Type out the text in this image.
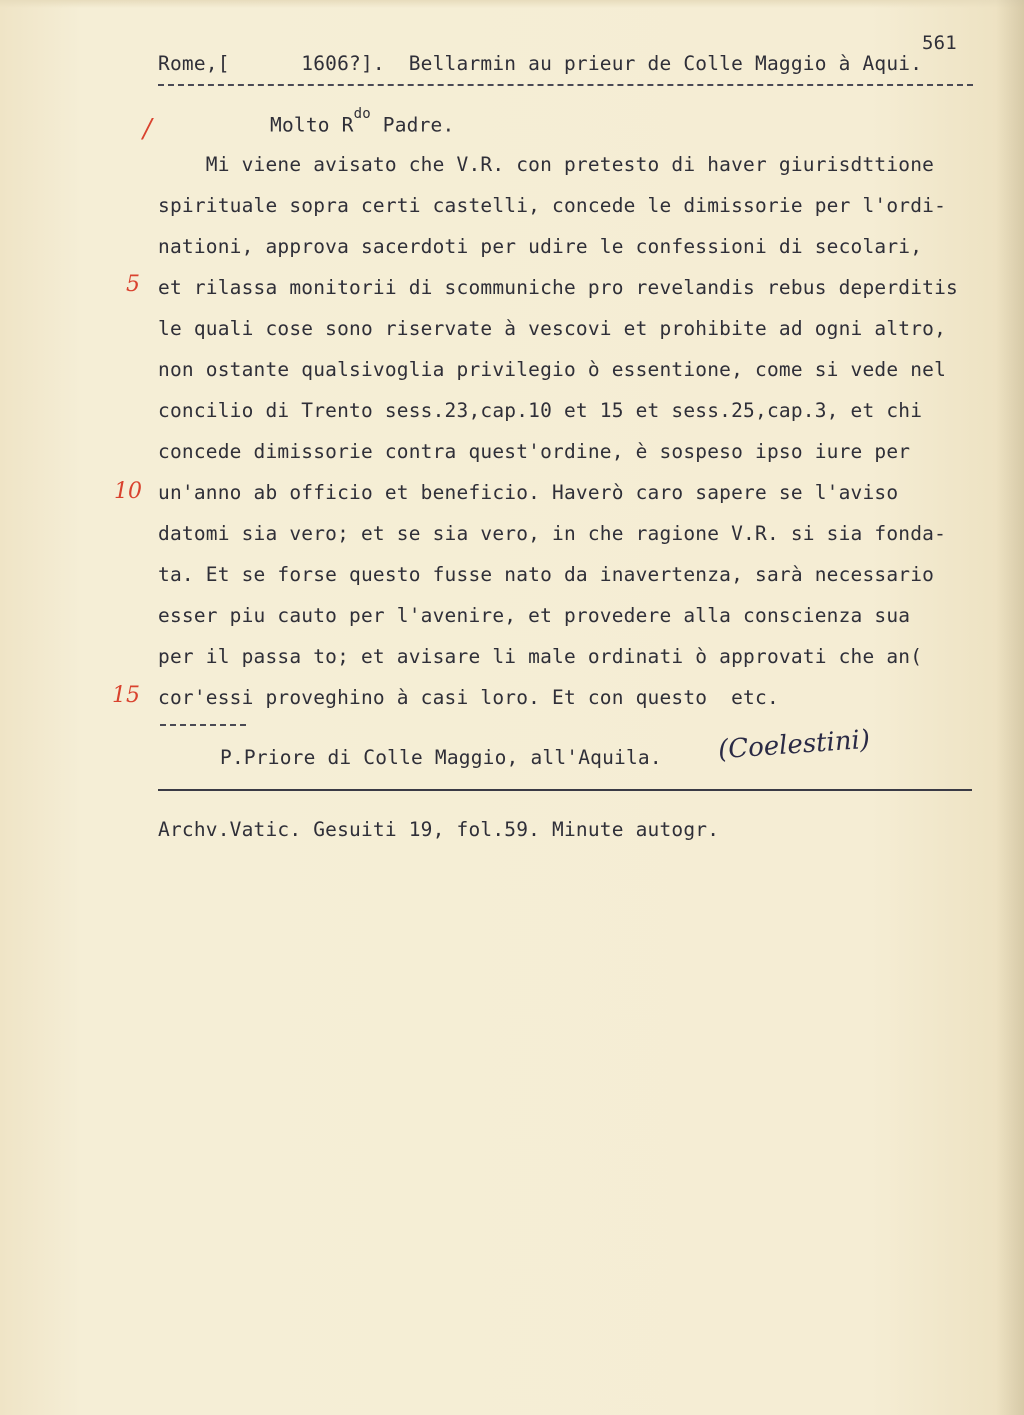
561
Rome,[      1606?].  Bellarmin au prieur de Colle Maggio à Aqui.
Molto $R^{do}$ Padre.
Mi viene avisato che V.R. con pretesto di haver giurisdttione
spirituale sopra certi castelli, concede le dimissorie per l'ordi-
nationi, approva sacerdoti per udire le confessioni di secolari,
et rilassa monitorii di scommuniche pro revelandis rebus deperditis
le quali cose sono riservate à vescovi et prohibite ad ogni altro,
non ostante qualsivoglia privilegio ò essentione, come si vede nel
concilio di Trento sess.23,cap.10 et 15 et sess.25,cap.3, et chi
concede dimissorie contra quest'ordine, è sospeso ipso iure per
un'anno ab officio et beneficio. Haverò caro sapere se l'aviso
datomi sia vero; et se sia vero, in che ragione V.R. si sia fonda-
ta. Et se forse questo fusse nato da inavertenza, sarà necessario
esser piu cauto per l'avenire, et provedere alla conscienza sua
per il passa to; et avisare li male ordinati ò approvati che an(
cor'essi proveghino à casi loro. Et con questo  etc.
P.Priore di Colle Maggio, all'Aquila. (Coelestini)
Archv.Vatic. Gesuiti 19, fol.59. Minute autogr.
/
5
10
15
